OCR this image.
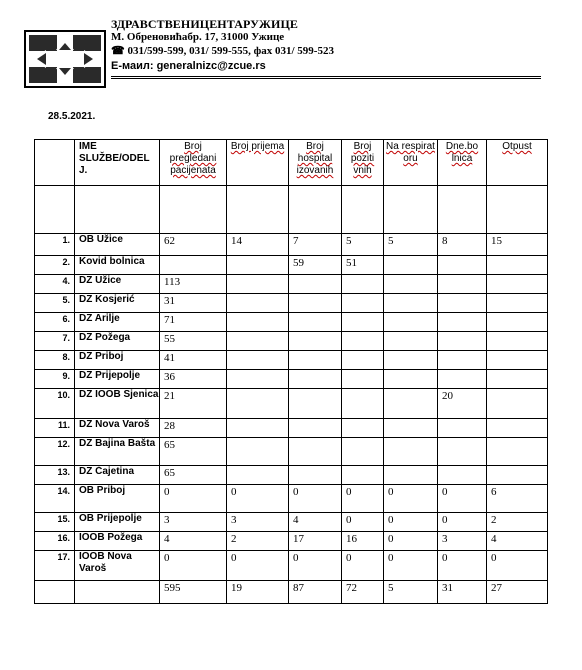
ЗДРАВСТВЕНИЦЕНТАРУЖИЦЕ
М. Обреновићабр. 17, 31000 Ужице
☎ 031/599-599, 031/ 599-555, фах 031/ 599-523
E-маил: generalnizc@zcue.rs
28.5.2021.
	IME SLUŽBE/ODEL J.	Broj pregledani pacijenata	Broj prijema	Broj hospital izovanih	Broj poziti vnih	Na respirat oru	Dne.bo lnica	Otpust

1.	OB Užice	62	14	7	5	5	8	15
2.	Kovid bolnica			59	51			
4.	DZ Užice	113						
5.	DZ Kosjerić	31						
6.	DZ Arilje	71						
7.	DZ Požega	55						
8.	DZ Priboj	41						
9.	DZ Prijepolje	36						
10.	DZ IOOB Sjenica	21					20	
11.	DZ Nova Varoš	28						
12.	DZ Bajina Bašta	65						
13.	DZ Čajetina	65						
14.	OB Priboj	0	0	0	0	0	0	6
15.	OB Prijepolje	3	3	4	0	0	0	2
16.	IOOB Požega	4	2	17	16	0	3	4
17.	IOOB Nova Varoš	0	0	0	0	0	0	0
		595	19	87	72	5	31	27
